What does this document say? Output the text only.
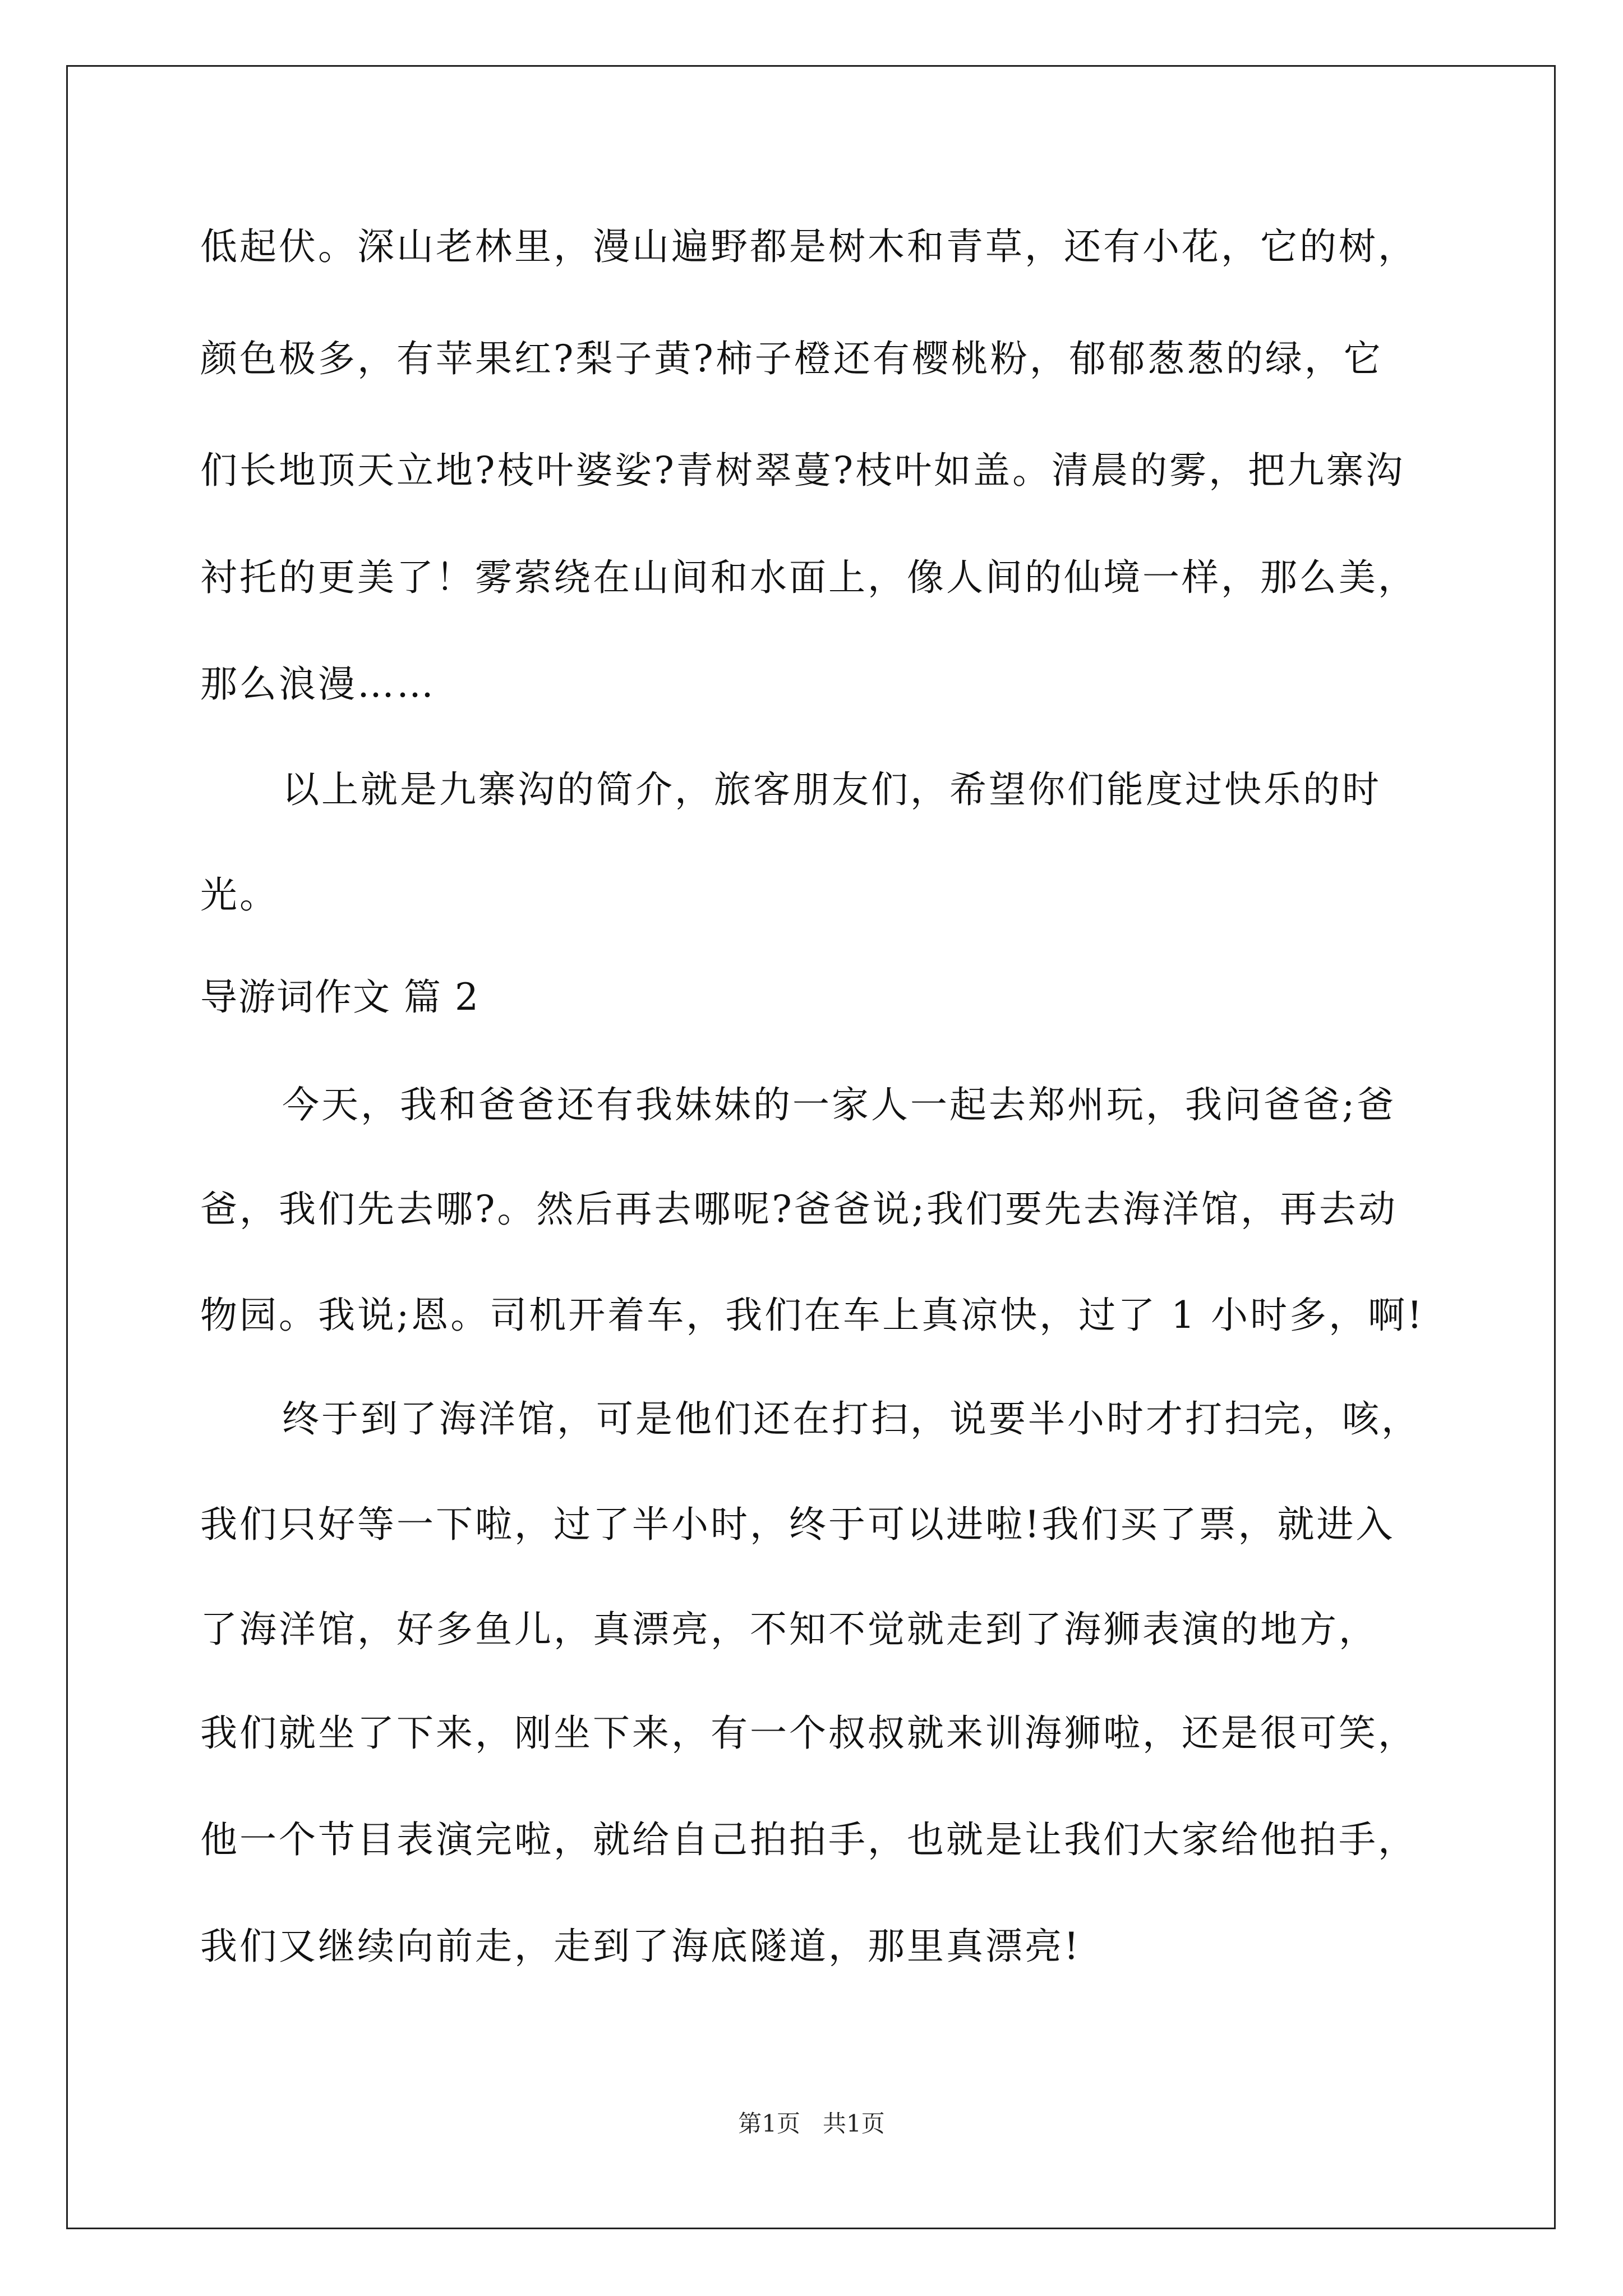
低起伏。深山老林里，漫山遍野都是树木和青草，还有小花，它的树，
颜色极多，有苹果红?梨子黄?柿子橙还有樱桃粉，郁郁葱葱的绿，它
们长地顶天立地?枝叶婆娑?青树翠蔓?枝叶如盖。清晨的雾，把九寨沟
衬托的更美了！雾萦绕在山间和水面上，像人间的仙境一样，那么美，
那么浪漫……
以上就是九寨沟的简介，旅客朋友们，希望你们能度过快乐的时
光。
导游词作文 篇 2
今天，我和爸爸还有我妹妹的一家人一起去郑州玩，我问爸爸;爸
爸，我们先去哪?。然后再去哪呢?爸爸说;我们要先去海洋馆，再去动
物园。我说;恩。司机开着车，我们在车上真凉快，过了 1 小时多，啊!
终于到了海洋馆，可是他们还在打扫，说要半小时才打扫完，咳，
我们只好等一下啦，过了半小时，终于可以进啦!我们买了票，就进入
了海洋馆，好多鱼儿，真漂亮，不知不觉就走到了海狮表演的地方，
我们就坐了下来，刚坐下来，有一个叔叔就来训海狮啦，还是很可笑，
他一个节目表演完啦，就给自己拍拍手，也就是让我们大家给他拍手，
我们又继续向前走，走到了海底隧道，那里真漂亮!
第1页   共1页
